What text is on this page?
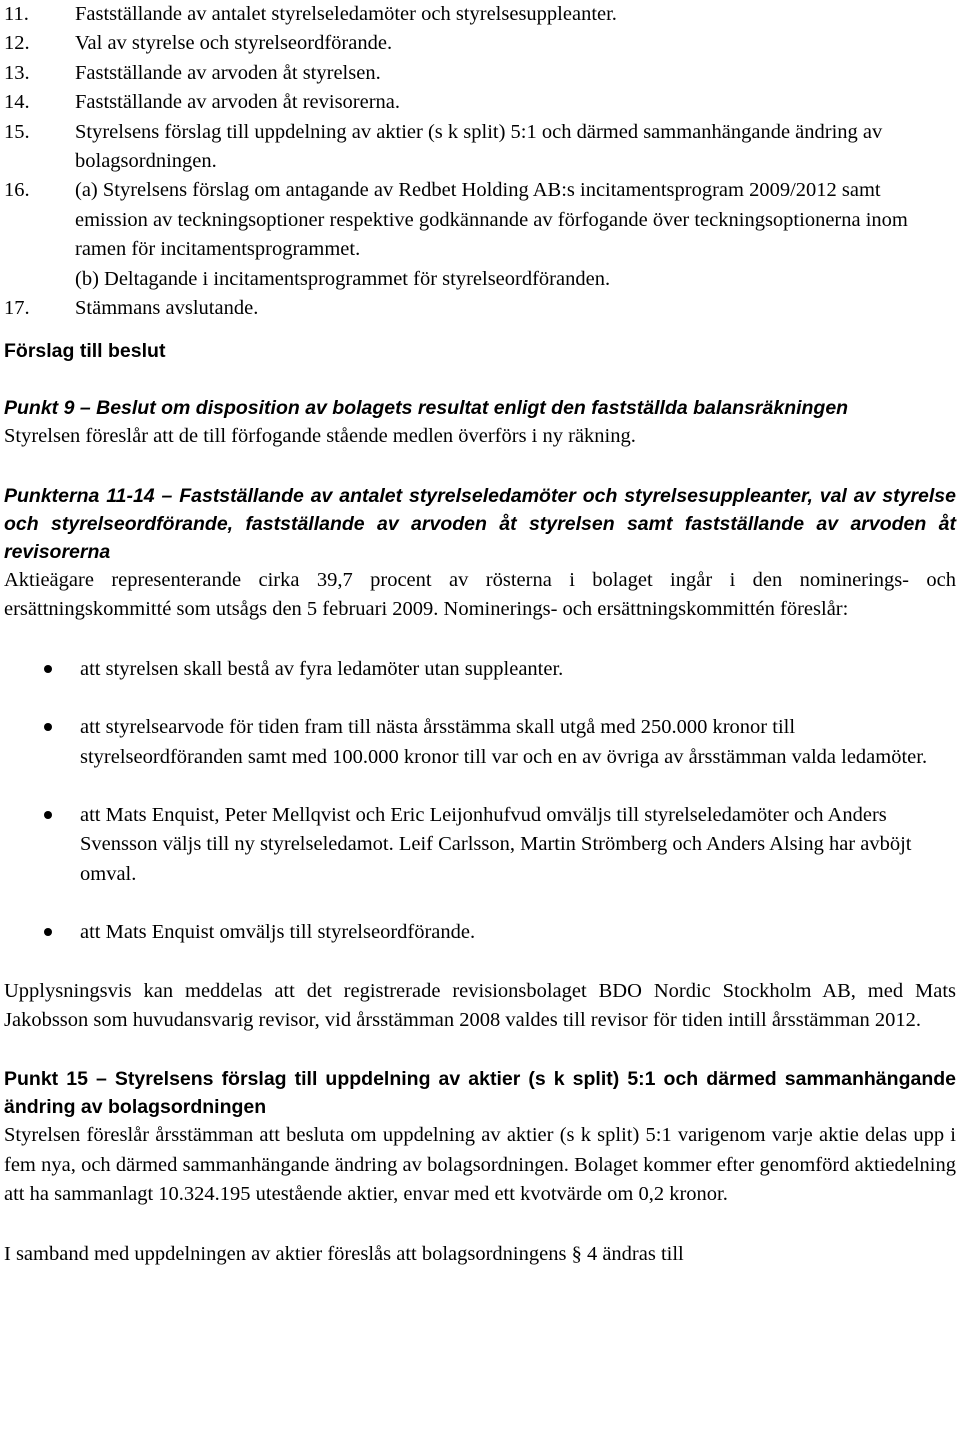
11.	Fastställande av antalet styrelseledamöter och styrelsesuppleanter.
12.	Val av styrelse och styrelseordförande.
13.	Fastställande av arvoden åt styrelsen.
14.	Fastställande av arvoden åt revisorerna.
15.	Styrelsens förslag till uppdelning av aktier (s k split) 5:1 och därmed sammanhängande ändring av bolagsordningen.
16.	(a) Styrelsens förslag om antagande av Redbet Holding AB:s incitamentsprogram 2009/2012 samt emission av teckningsoptioner respektive godkännande av förfogande över teckningsoptionerna inom ramen för incitamentsprogrammet.
(b) Deltagande i incitamentsprogrammet för styrelseordföranden.
17.	Stämmans avslutande.

Förslag till beslut

Punkt 9 – Beslut om disposition av bolagets resultat enligt den fastställda balansräkningen

Styrelsen föreslår att de till förfogande stående medlen överförs i ny räkning.

Punkterna 11-14 – Fastställande av antalet styrelseledamöter och styrelsesuppleanter, val av styrelse och styrelseordförande, fastställande av arvoden åt styrelsen samt fastställande av arvoden åt revisorerna

Aktieägare representerande cirka 39,7 procent av rösterna i bolaget ingår i den nominerings- och ersättningskommitté som utsågs den 5 februari 2009. Nominerings- och ersättningskommittén föreslår:

att styrelsen skall bestå av fyra ledamöter utan suppleanter.
att styrelsearvode för tiden fram till nästa årsstämma skall utgå med 250.000 kronor till styrelseordföranden samt med 100.000 kronor till var och en av övriga av årsstämman valda ledamöter.
att Mats Enquist, Peter Mellqvist och Eric Leijonhufvud omväljs till styrelseledamöter och Anders Svensson väljs till ny styrelseledamot. Leif Carlsson, Martin Strömberg och Anders Alsing har avböjt omval.
att Mats Enquist omväljs till styrelseordförande.

Upplysningsvis kan meddelas att det registrerade revisionsbolaget BDO Nordic Stockholm AB, med Mats Jakobsson som huvudansvarig revisor, vid årsstämman 2008 valdes till revisor för tiden intill årsstämman 2012.

Punkt 15 – Styrelsens förslag till uppdelning av aktier (s k split) 5:1 och därmed sammanhängande ändring av bolagsordningen

Styrelsen föreslår årsstämman att besluta om uppdelning av aktier (s k split) 5:1 varigenom varje aktie delas upp i fem nya, och därmed sammanhängande ändring av bolagsordningen. Bolaget kommer efter genomförd aktiedelning att ha sammanlagt 10.324.195 utestående aktier, envar med ett kvotvärde om 0,2 kronor.

I samband med uppdelningen av aktier föreslås att bolagsordningens § 4 ändras till
